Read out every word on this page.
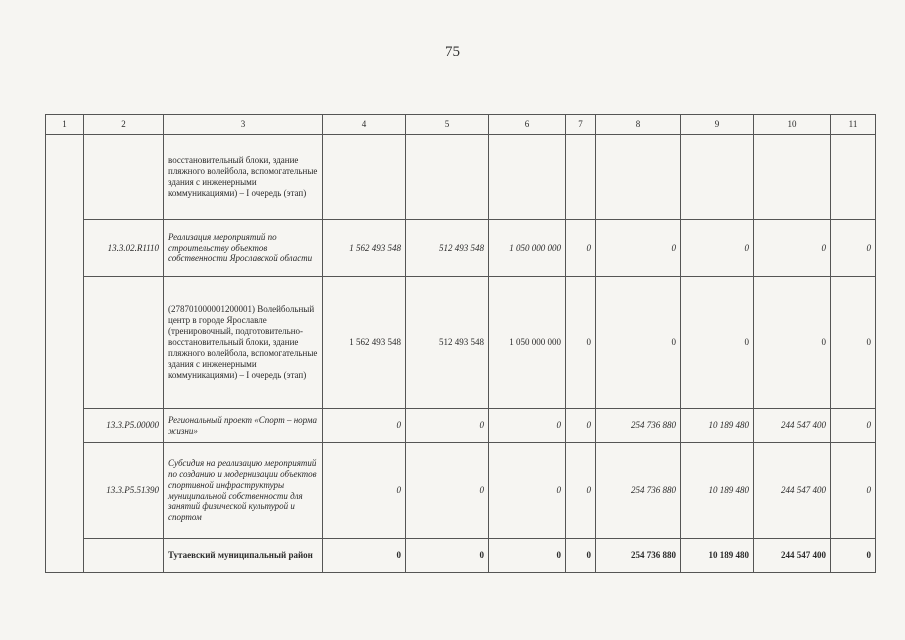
75
1	2	3	4	5	6	7	8	9	10	11
		восстановительный блоки, здание пляжного волейбола, вспомогательные здания с инженерными коммуникациями) – I очередь (этап)								
	13.3.02.R1110	Реализация мероприятий по строительству объектов собственности Ярославской области	1 562 493 548	512 493 548	1 050 000 000	0	0	0	0	0
		(278701000001200001) Волейбольный центр в городе Ярославле (тренировочный, подготовительно-восстановительный блоки, здание пляжного волейбола, вспомогательные здания с инженерными коммуникациями) – I очередь (этап)	1 562 493 548	512 493 548	1 050 000 000	0	0	0	0	0
	13.3.P5.00000	Региональный проект «Спорт – норма жизни»	0	0	0	0	254 736 880	10 189 480	244 547 400	0
	13.3.P5.51390	Субсидия на реализацию мероприятий по созданию и модернизации объектов спортивной инфраструктуры муниципальной собственности для занятий физической культурой и спортом	0	0	0	0	254 736 880	10 189 480	244 547 400	0
		Тутаевский муниципальный район	0	0	0	0	254 736 880	10 189 480	244 547 400	0
